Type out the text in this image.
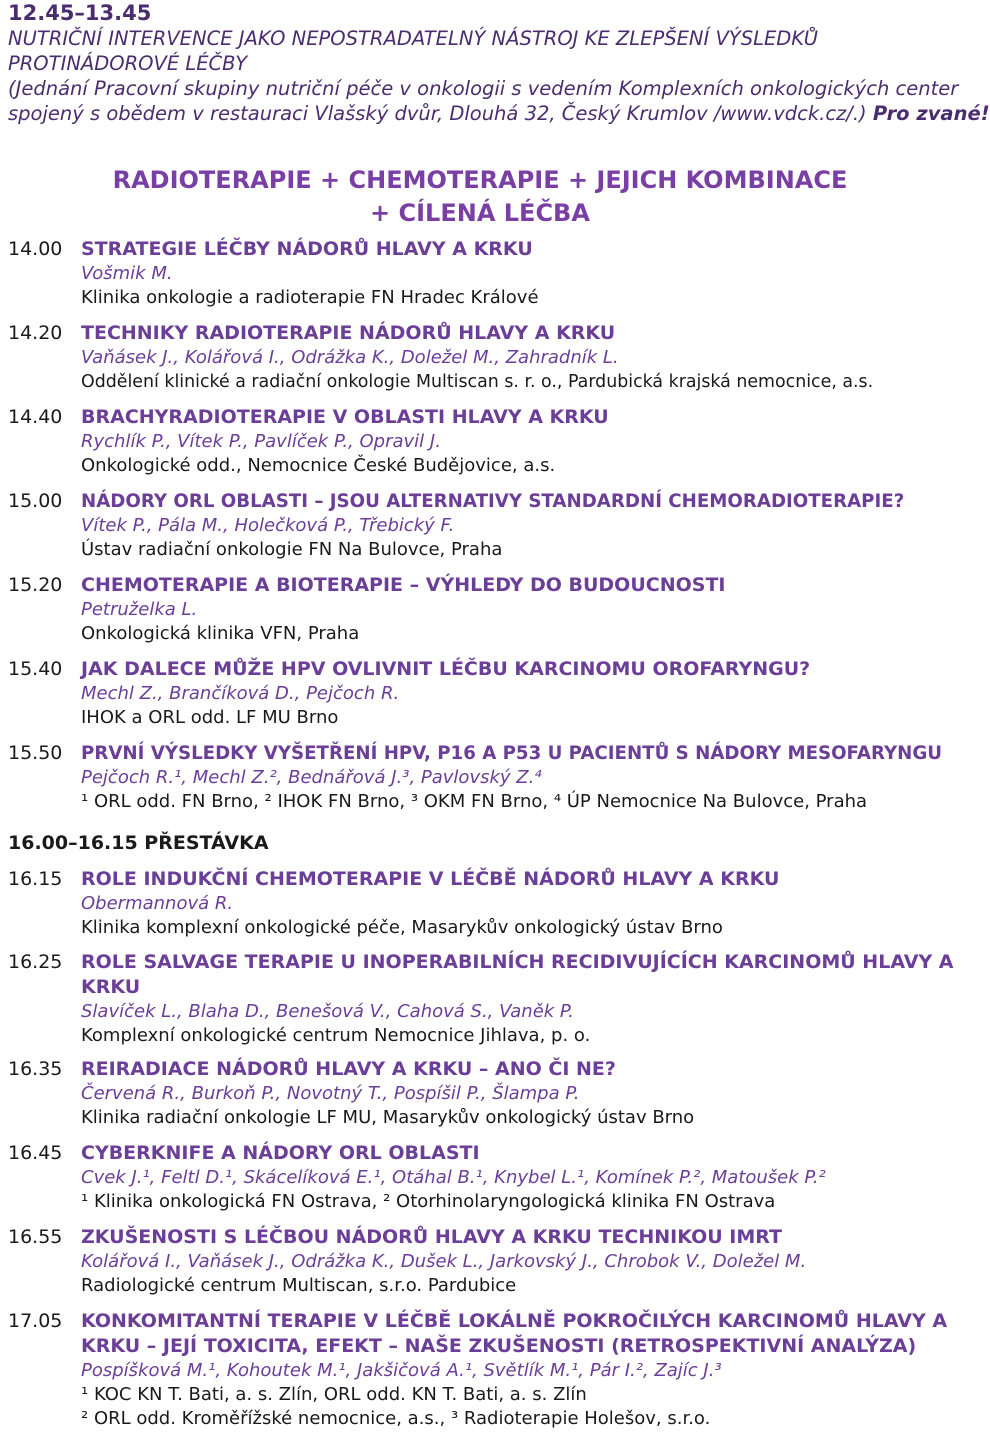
12.45–13.45
NUTRIČNÍ INTERVENCE JAKO NEPOSTRADATELNÝ NÁSTROJ KE ZLEPŠENÍ VÝSLEDKŮ
PROTINÁDOROVÉ LÉČBY
(Jednání Pracovní skupiny nutriční péče v onkologii s vedením Komplexních onkologických center
spojený s obědem v restauraci Vlašský dvůr, Dlouhá 32, Český Krumlov /www.vdck.cz/.) Pro zvané!
RADIOTERAPIE + CHEMOTERAPIE + JEJICH KOMBINACE
+ CÍLENÁ LÉČBA
14.00 STRATEGIE LÉČBY NÁDORŮ HLAVY A KRKU
Vošmik M.
Klinika onkologie a radioterapie FN Hradec Králové
14.20 TECHNIKY RADIOTERAPIE NÁDORŮ HLAVY A KRKU
Vaňásek J., Kolářová I., Odrážka K., Doležel M., Zahradník L.
Oddělení klinické a radiační onkologie Multiscan s. r. o., Pardubická krajská nemocnice, a.s.
14.40 BRACHYRADIOTERAPIE V OBLASTI HLAVY A KRKU
Rychlík P., Vítek P., Pavlíček P., Opravil J.
Onkologické odd., Nemocnice České Budějovice, a.s.
15.00 NÁDORY ORL OBLASTI – JSOU ALTERNATIVY STANDARDNÍ CHEMORADIOTERAPIE?
Vítek P., Pála M., Holečková P., Třebický F.
Ústav radiační onkologie FN Na Bulovce, Praha
15.20 CHEMOTERAPIE A BIOTERAPIE – VÝHLEDY DO BUDOUCNOSTI
Petruželka L.
Onkologická klinika VFN, Praha
15.40 JAK DALECE MŮŽE HPV OVLIVNIT LÉČBU KARCINOMU OROFARYNGU?
Mechl Z., Brančíková D., Pejčoch R.
IHOK a ORL odd. LF MU Brno
15.50 PRVNÍ VÝSLEDKY VYŠETŘENÍ HPV, P16 A P53 U PACIENTŮ S NÁDORY MESOFARYNGU
Pejčoch R.¹, Mechl Z.², Bednářová J.³, Pavlovský Z.⁴
¹ ORL odd. FN Brno, ² IHOK FN Brno, ³ OKM FN Brno, ⁴ ÚP Nemocnice Na Bulovce, Praha
16.00–16.15 PŘESTÁVKA
16.15 ROLE INDUKČNÍ CHEMOTERAPIE V LÉČBĚ NÁDORŮ HLAVY A KRKU
Obermannová R.
Klinika komplexní onkologické péče, Masarykův onkologický ústav Brno
16.25 ROLE SALVAGE TERAPIE U INOPERABILNÍCH RECIDIVUJÍCÍCH KARCINOMŮ HLAVY A KRKU
Slavíček L., Blaha D., Benešová V., Cahová S., Vaněk P.
Komplexní onkologické centrum Nemocnice Jihlava, p. o.
16.35 REIRADIACE NÁDORŮ HLAVY A KRKU – ANO ČI NE?
Červená R., Burkoň P., Novotný T., Pospíšil P., Šlampa P.
Klinika radiační onkologie LF MU, Masarykův onkologický ústav Brno
16.45 CYBERKNIFE A NÁDORY ORL OBLASTI
Cvek J.¹, Feltl D.¹, Skácelíková E.¹, Otáhal B.¹, Knybel L.¹, Komínek P.², Matoušek P.²
¹ Klinika onkologická FN Ostrava, ² Otorhinolaryngologická klinika FN Ostrava
16.55 ZKUŠENOSTI S LÉČBOU NÁDORŮ HLAVY A KRKU TECHNIKOU IMRT
Kolářová I., Vaňásek J., Odrážka K., Dušek L., Jarkovský J., Chrobok V., Doležel M.
Radiologické centrum Multiscan, s.r.o. Pardubice
17.05 KONKOMITANTNÍ TERAPIE V LÉČBĚ LOKÁLNĚ POKROČILÝCH KARCINOMŮ HLAVY A KRKU – JEJÍ TOXICITA, EFEKT – NAŠE ZKUŠENOSTI (RETROSPEKTIVNÍ ANALÝZA)
Pospíšková M.¹, Kohoutek M.¹, Jakšičová A.¹, Světlík M.¹, Pár I.², Zajíc J.³
¹ KOC KN T. Bati, a. s. Zlín, ORL odd. KN T. Bati, a. s. Zlín
² ORL odd. Kroměřížské nemocnice, a.s., ³ Radioterapie Holešov, s.r.o.
